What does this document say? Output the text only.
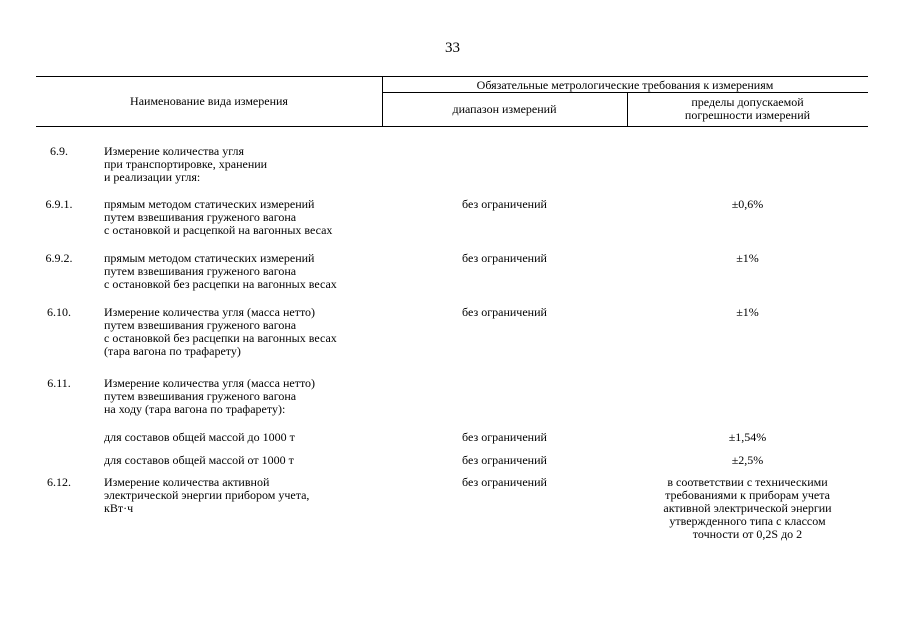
33
Наименование вида измерения
Обязательные метрологические требования к измерениям
диапазон измерений	пределы допускаемой
погрешности измерений
6.9.	Измерение количества угля
при транспортировке, хранении
и реализации угля:
6.9.1.	прямым методом статических измерений
путем взвешивания груженого вагона
с остановкой и расцепкой на вагонных весах
без ограничений	±0,6%
6.9.2.	прямым методом статических измерений
путем взвешивания груженого вагона
с остановкой без расцепки на вагонных весах
без ограничений	±1%
6.10.	Измерение количества угля (масса нетто)
путем взвешивания груженого вагона
с остановкой без расцепки на вагонных весах
(тара вагона по трафарету)
без ограничений	±1%
6.11.	Измерение количества угля (масса нетто)
путем взвешивания груженого вагона
на ходу (тара вагона по трафарету):
для составов общей массой до 1000 т	без ограничений	±1,54%
для составов общей массой от 1000 т	без ограничений	±2,5%
6.12.	Измерение количества активной
электрической энергии прибором учета,
кВт·ч
без ограничений	в соответствии с техническими
требованиями к приборам учета
активной электрической энергии
утвержденного типа с классом
точности от 0,2S до 2
